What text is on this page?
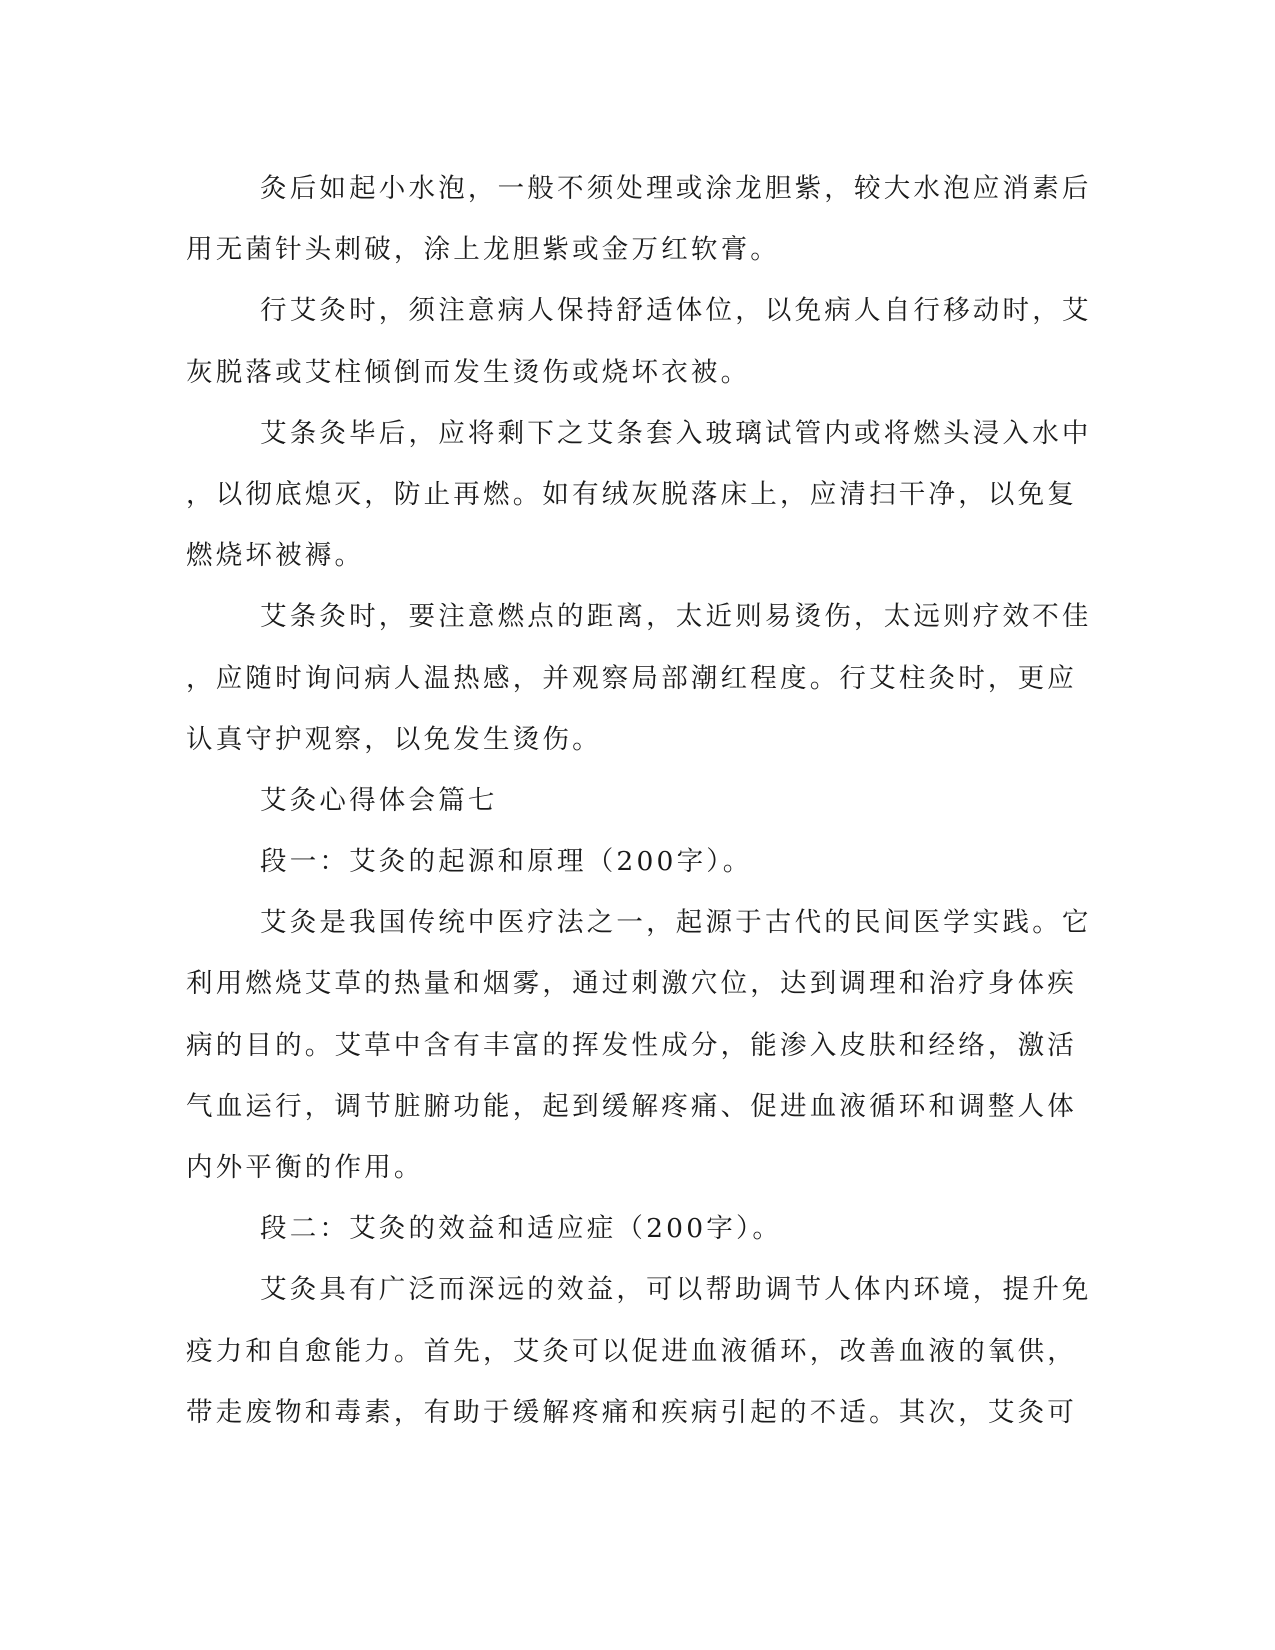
灸后如起小水泡，一般不须处理或涂龙胆紫，较大水泡应消素后
用无菌针头刺破，涂上龙胆紫或金万红软膏。
行艾灸时，须注意病人保持舒适体位，以免病人自行移动时，艾
灰脱落或艾柱倾倒而发生烫伤或烧坏衣被。
艾条灸毕后，应将剩下之艾条套入玻璃试管内或将燃头浸入水中
，以彻底熄灭，防止再燃。如有绒灰脱落床上，应清扫干净，以免复
燃烧坏被褥。
艾条灸时，要注意燃点的距离，太近则易烫伤，太远则疗效不佳
，应随时询问病人温热感，并观察局部潮红程度。行艾柱灸时，更应
认真守护观察，以免发生烫伤。
艾灸心得体会篇七
段一：艾灸的起源和原理（200字）。
艾灸是我国传统中医疗法之一，起源于古代的民间医学实践。它
利用燃烧艾草的热量和烟雾，通过刺激穴位，达到调理和治疗身体疾
病的目的。艾草中含有丰富的挥发性成分，能渗入皮肤和经络，激活
气血运行，调节脏腑功能，起到缓解疼痛、促进血液循环和调整人体
内外平衡的作用。
段二：艾灸的效益和适应症（200字）。
艾灸具有广泛而深远的效益，可以帮助调节人体内环境，提升免
疫力和自愈能力。首先，艾灸可以促进血液循环，改善血液的氧供，
带走废物和毒素，有助于缓解疼痛和疾病引起的不适。其次，艾灸可
